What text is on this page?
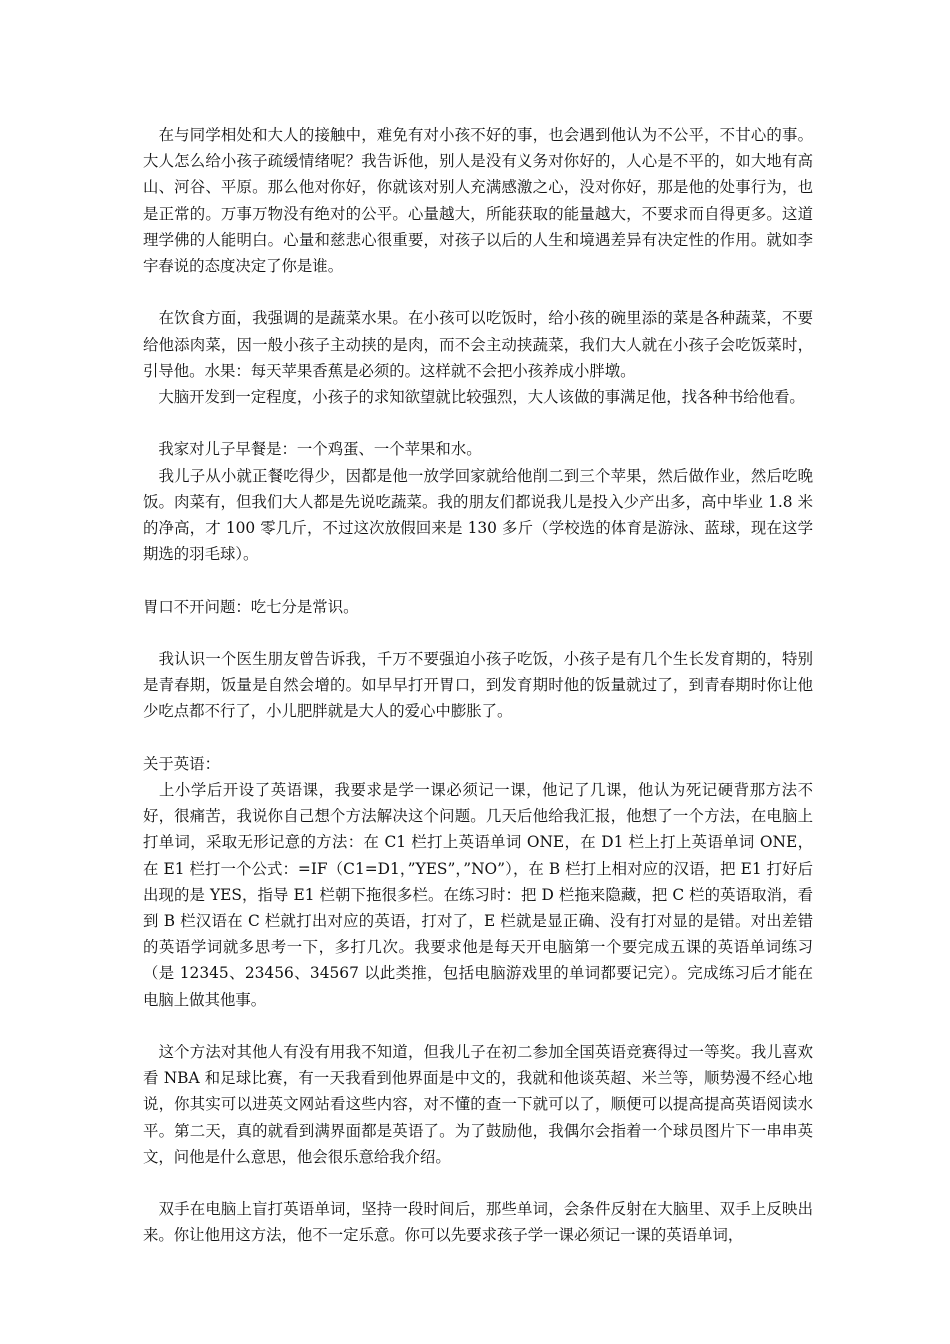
　在与同学相处和大人的接触中，难免有对小孩不好的事，也会遇到他认为不公平，不甘心的事。大人怎么给小孩子疏缓情绪呢？我告诉他，别人是没有义务对你好的，人心是不平的，如大地有高山、河谷、平原。那么他对你好，你就该对别人充满感激之心，没对你好，那是他的处事行为，也是正常的。万事万物没有绝对的公平。心量越大，所能获取的能量越大，不要求而自得更多。这道理学佛的人能明白。心量和慈悲心很重要，对孩子以后的人生和境遇差异有决定性的作用。就如李宇春说的态度决定了你是谁。

　在饮食方面，我强调的是蔬菜水果。在小孩可以吃饭时，给小孩的碗里添的菜是各种蔬菜，不要给他添肉菜，因一般小孩子主动挟的是肉，而不会主动挟蔬菜，我们大人就在小孩子会吃饭菜时，引导他。水果：每天苹果香蕉是必须的。这样就不会把小孩养成小胖墩。

　大脑开发到一定程度，小孩子的求知欲望就比较强烈，大人该做的事满足他，找各种书给他看。

　我家对儿子早餐是：一个鸡蛋、一个苹果和水。

　我儿子从小就正餐吃得少，因都是他一放学回家就给他削二到三个苹果，然后做作业，然后吃晚饭。肉菜有，但我们大人都是先说吃蔬菜。我的朋友们都说我儿是投入少产出多，高中毕业 1.8 米的净高，才 100 零几斤，不过这次放假回来是 130 多斤（学校选的体育是游泳、蓝球，现在这学期选的羽毛球）。

胃口不开问题：吃七分是常识。

　我认识一个医生朋友曾告诉我，千万不要强迫小孩子吃饭，小孩子是有几个生长发育期的，特别是青春期，饭量是自然会增的。如早早打开胃口，到发育期时他的饭量就过了，到青春期时你让他少吃点都不行了，小儿肥胖就是大人的爱心中膨胀了。

关于英语：

　上小学后开设了英语课，我要求是学一课必须记一课，他记了几课，他认为死记硬背那方法不好，很痛苦，我说你自己想个方法解决这个问题。几天后他给我汇报，他想了一个方法，在电脑上打单词，采取无形记意的方法：在 C1 栏打上英语单词 ONE，在 D1 栏上打上英语单词 ONE，在 E1 栏打一个公式：=IF（C1=D1，”YES”，”NO”），在 B 栏打上相对应的汉语，把 E1 打好后出现的是 YES，指导 E1 栏朝下拖很多栏。在练习时：把 D 栏拖来隐藏，把 C 栏的英语取消，看到 B 栏汉语在 C 栏就打出对应的英语，打对了，E 栏就是显正确、没有打对显的是错。对出差错的英语学词就多思考一下，多打几次。我要求他是每天开电脑第一个要完成五课的英语单词练习（是 12345、23456、34567 以此类推，包括电脑游戏里的单词都要记完）。完成练习后才能在电脑上做其他事。

　这个方法对其他人有没有用我不知道，但我儿子在初二参加全国英语竞赛得过一等奖。我儿喜欢看 NBA 和足球比赛，有一天我看到他界面是中文的，我就和他谈英超、米兰等，顺势漫不经心地说，你其实可以进英文网站看这些内容，对不懂的查一下就可以了，顺便可以提高提高英语阅读水平。第二天，真的就看到满界面都是英语了。为了鼓励他，我偶尔会指着一个球员图片下一串串英文，问他是什么意思，他会很乐意给我介绍。

　双手在电脑上盲打英语单词，坚持一段时间后，那些单词，会条件反射在大脑里、双手上反映出来。你让他用这方法，他不一定乐意。你可以先要求孩子学一课必须记一课的英语单词，
